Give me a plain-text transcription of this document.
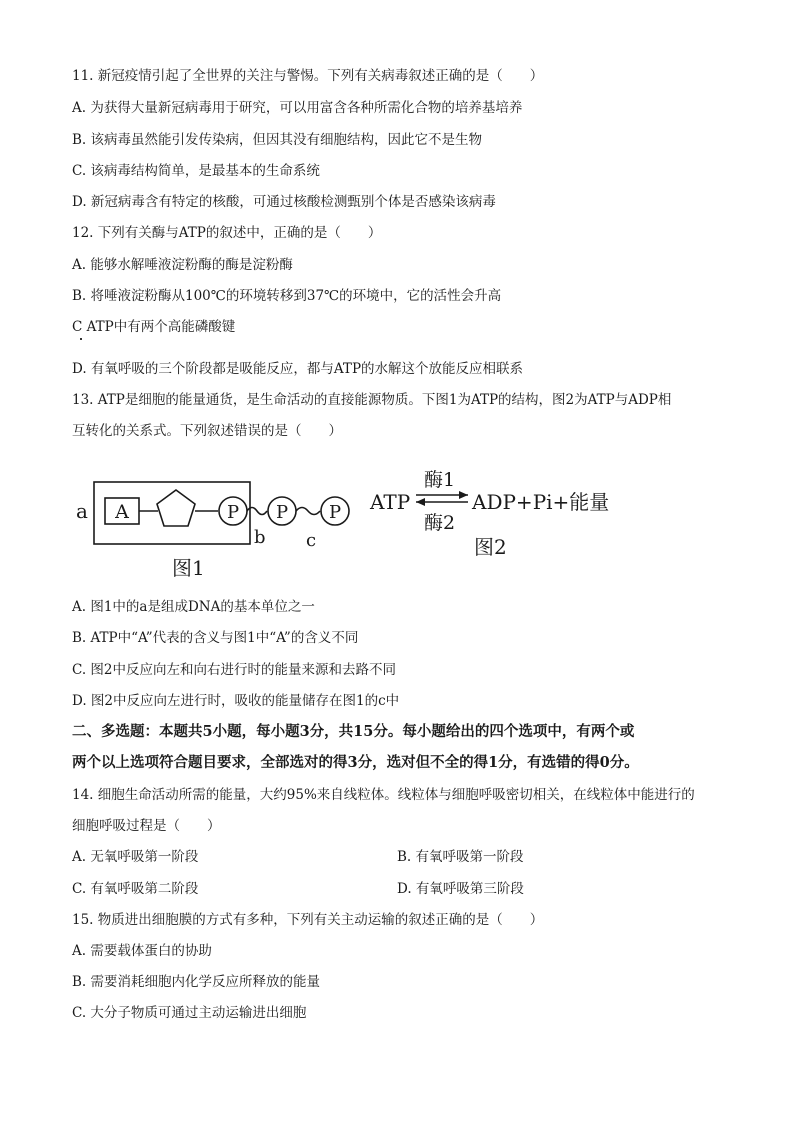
11. 新冠疫情引起了全世界的关注与警惕。下列有关病毒叙述正确的是（　　）
A. 为获得大量新冠病毒用于研究，可以用富含各种所需化合物的培养基培养
B. 该病毒虽然能引发传染病，但因其没有细胞结构，因此它不是生物
C. 该病毒结构简单，是最基本的生命系统
D. 新冠病毒含有特定的核酸，可通过核酸检测甄别个体是否感染该病毒
12. 下列有关酶与ATP的叙述中，正确的是（　　）
A. 能够水解唾液淀粉酶的酶是淀粉酶
B. 将唾液淀粉酶从100℃的环境转移到37℃的环境中，它的活性会升高
C ATP中有两个高能磷酸键
D. 有氧呼吸的三个阶段都是吸能反应，都与ATP的水解这个放能反应相联系
13. ATP是细胞的能量通货，是生命活动的直接能源物质。下图1为ATP的结构，图2为ATP与ADP相
互转化的关系式。下列叙述错误的是（　　）
a A	P
b
P
c
P
图1
ATP
酶1
酶2
ADP+Pi+能量
图2
A. 图1中的a是组成DNA的基本单位之一
B. ATP中“A”代表的含义与图1中“A”的含义不同
C. 图2中反应向左和向右进行时的能量来源和去路不同
D. 图2中反应向左进行时，吸收的能量储存在图1的c中
二、多选题：本题共5小题，每小题3分，共15分。每小题给出的四个选项中，有两个或
两个以上选项符合题目要求，全部选对的得3分，选对但不全的得1分，有选错的得0分。
14. 细胞生命活动所需的能量，大约95%来自线粒体。线粒体与细胞呼吸密切相关，在线粒体中能进行的
细胞呼吸过程是（　　）
A. 无氧呼吸第一阶段	B. 有氧呼吸第一阶段
C. 有氧呼吸第二阶段	D. 有氧呼吸第三阶段
15. 物质进出细胞膜的方式有多种，下列有关主动运输的叙述正确的是（　　）
A. 需要载体蛋白的协助
B. 需要消耗细胞内化学反应所释放的能量
C. 大分子物质可通过主动运输进出细胞
